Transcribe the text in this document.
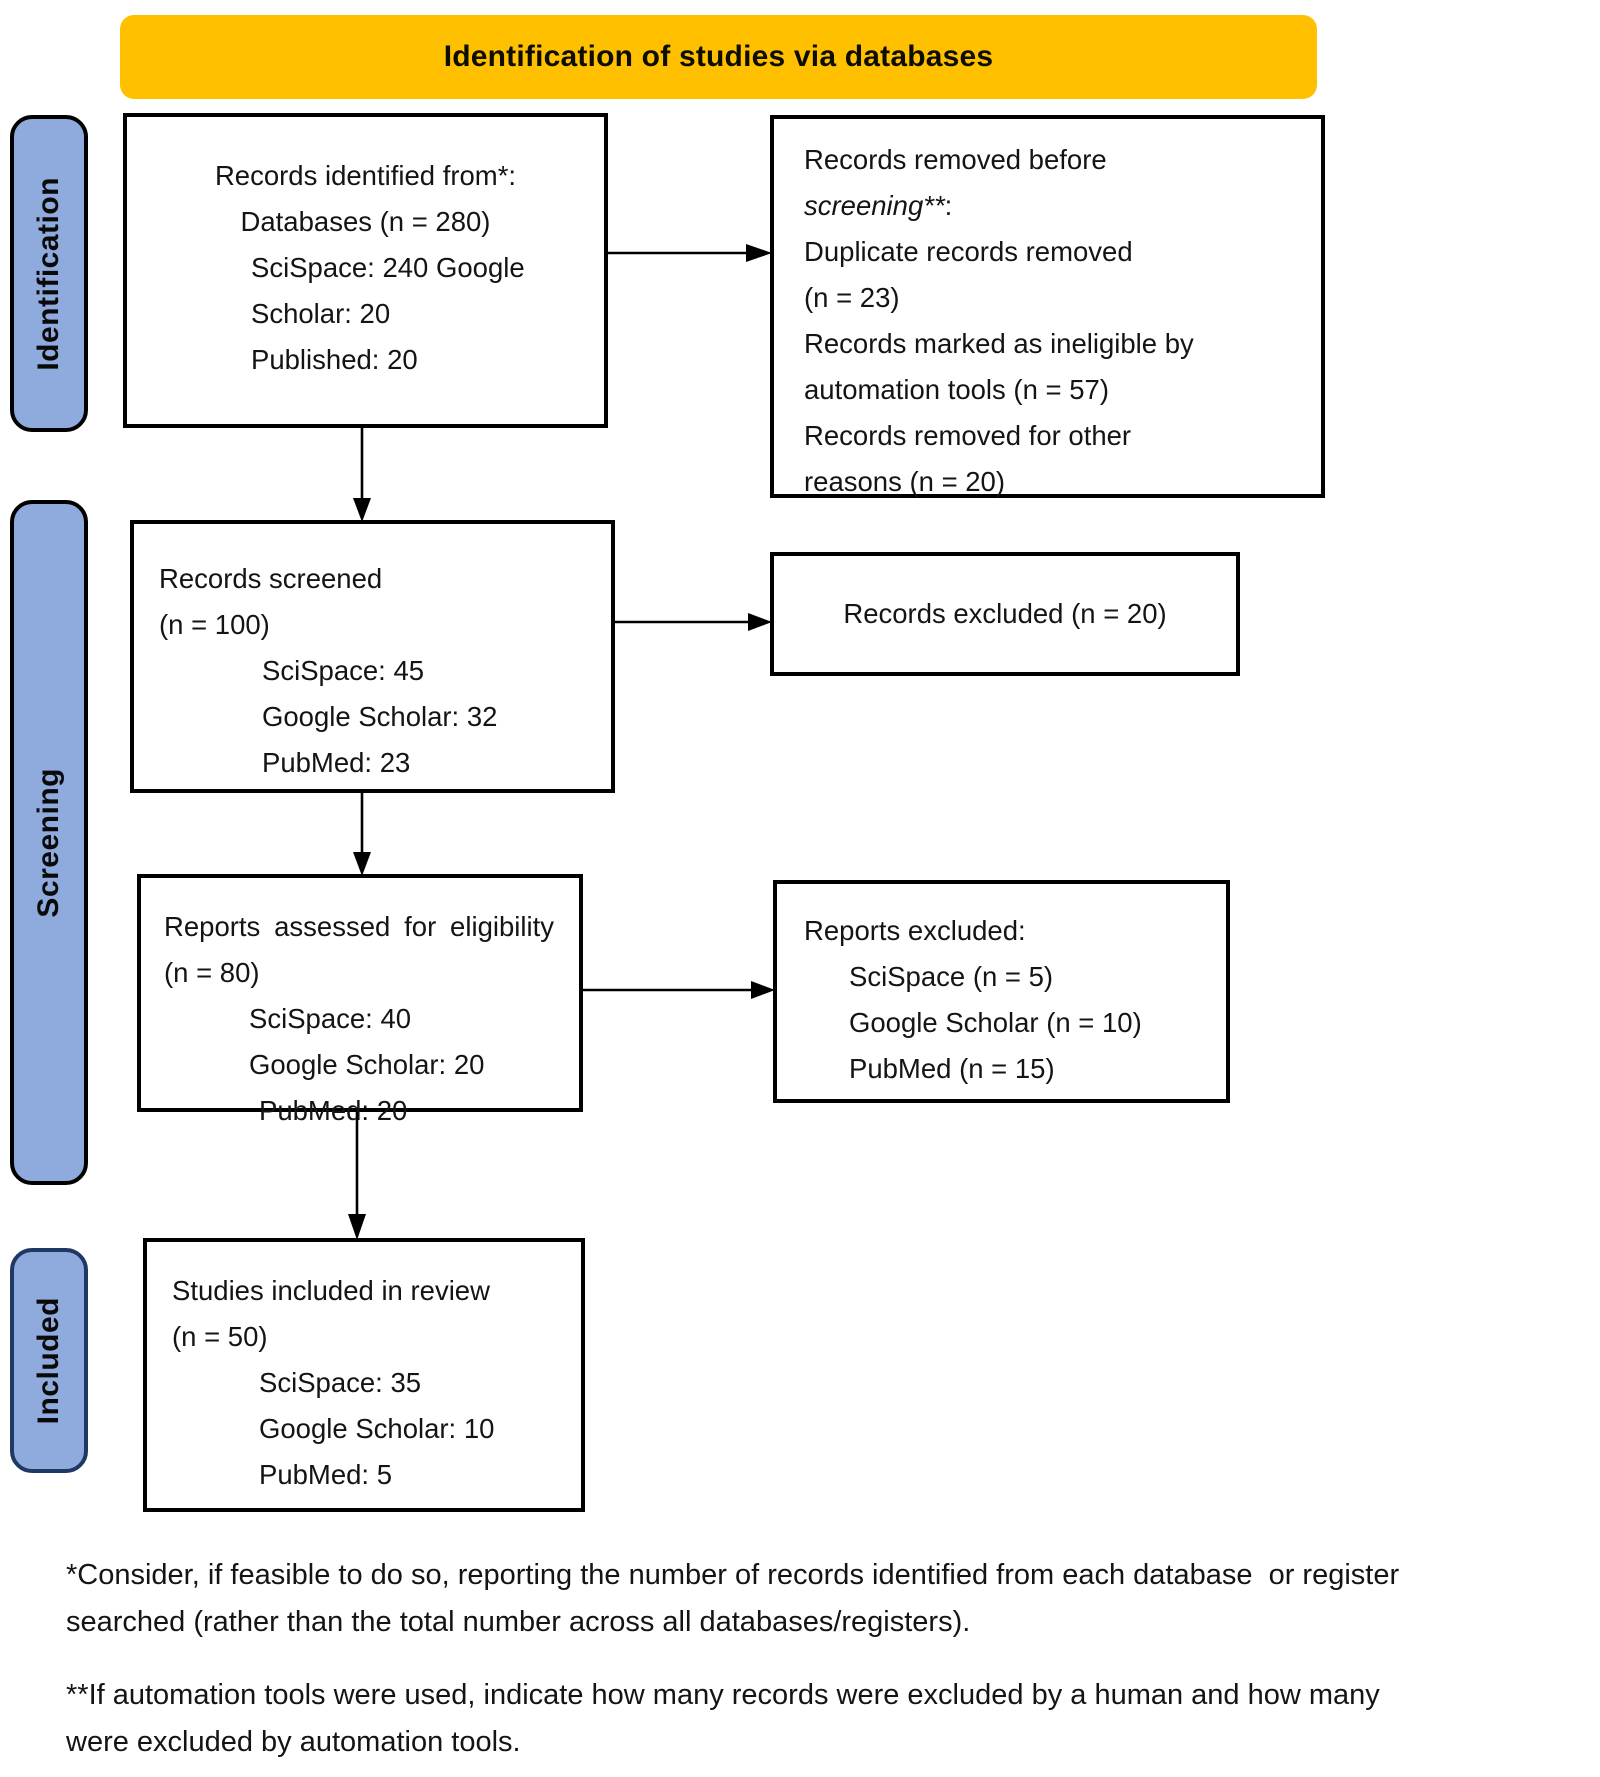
Identification of studies via databases
Identification
Screening
Included
Records identified from*:
Databases (n = 280)
SciSpace: 240 Google
Scholar: 20
Published: 20
Records removed before
screening**:
Duplicate records removed
(n = 23)
Records marked as ineligible by
automation tools (n = 57)
Records removed for other
reasons (n = 20)
Records screened
(n = 100)
SciSpace: 45
Google Scholar: 32
PubMed: 23
Records excluded (n = 20)
Reports assessed for eligibility
(n = 80)
SciSpace: 40
Google Scholar: 20
PubMed: 20
Reports excluded:
SciSpace (n = 5)
Google Scholar (n = 10)
PubMed (n = 15)
Studies included in review
(n = 50)
SciSpace: 35
Google Scholar: 10
PubMed: 5
*Consider, if feasible to do so, reporting the number of records identified from each database  or register
searched (rather than the total number across all databases/registers).
**If automation tools were used, indicate how many records were excluded by a human and how many
were excluded by automation tools.
